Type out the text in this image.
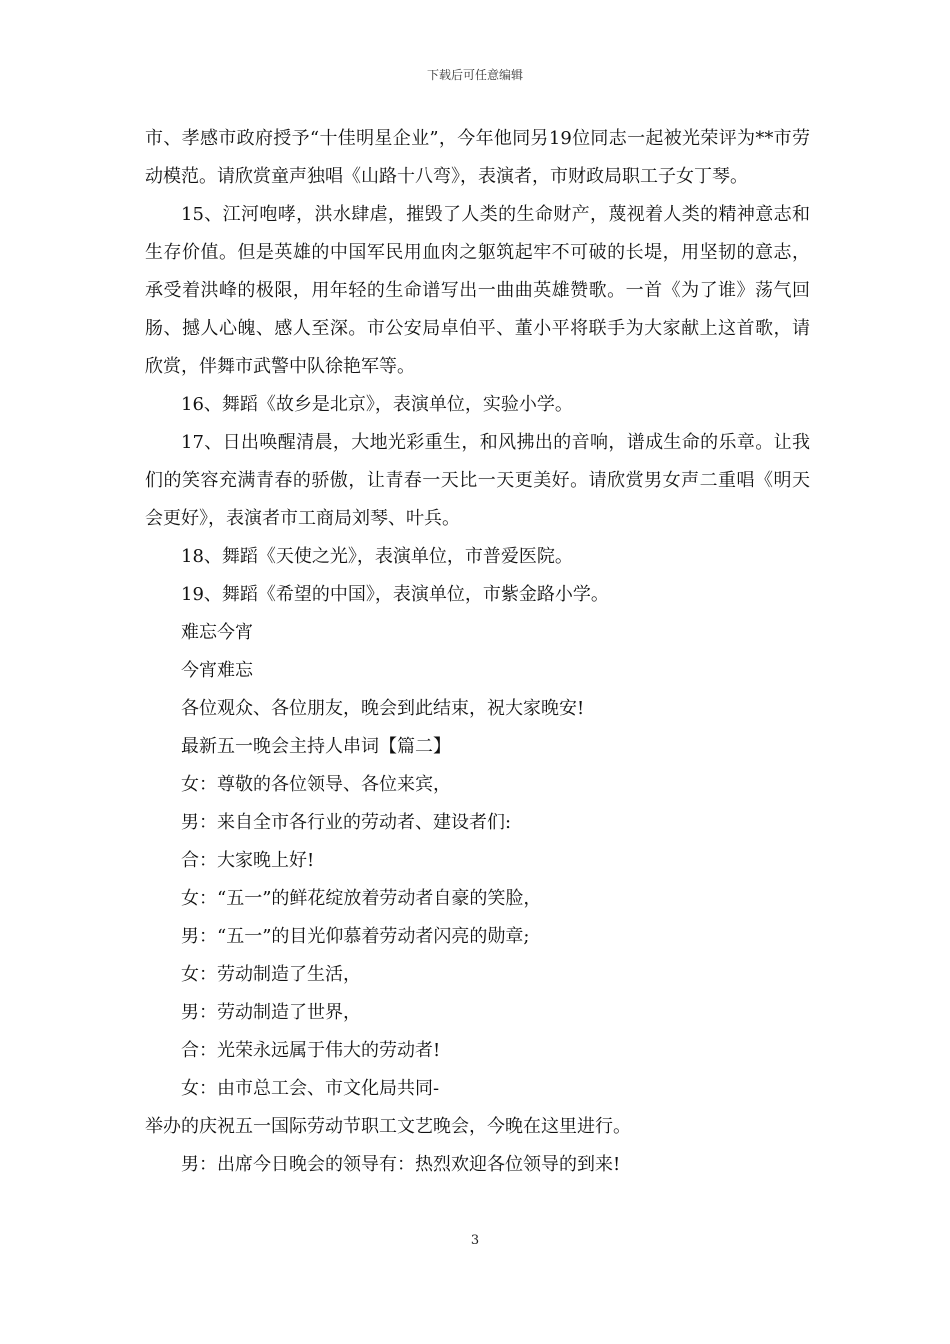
下载后可任意编辑

市、孝感市政府授予“十佳明星企业”，今年他同另19位同志一起被光荣评为**市劳动模范。请欣赏童声独唱《山路十八弯》，表演者，市财政局职工子女丁琴。

15、江河咆哮，洪水肆虐，摧毁了人类的生命财产，蔑视着人类的精神意志和生存价值。但是英雄的中国军民用血肉之躯筑起牢不可破的长堤，用坚韧的意志，承受着洪峰的极限，用年轻的生命谱写出一曲曲英雄赞歌。一首《为了谁》荡气回肠、撼人心魄、感人至深。市公安局卓伯平、董小平将联手为大家献上这首歌，请欣赏，伴舞市武警中队徐艳军等。

16、舞蹈《故乡是北京》，表演单位，实验小学。

17、日出唤醒清晨，大地光彩重生，和风拂出的音响，谱成生命的乐章。让我们的笑容充满青春的骄傲，让青春一天比一天更美好。请欣赏男女声二重唱《明天会更好》，表演者市工商局刘琴、叶兵。

18、舞蹈《天使之光》，表演单位，市普爱医院。

19、舞蹈《希望的中国》，表演单位，市紫金路小学。

难忘今宵

今宵难忘

各位观众、各位朋友，晚会到此结束，祝大家晚安!

最新五一晚会主持人串词【篇二】

女：尊敬的各位领导、各位来宾，

男：来自全市各行业的劳动者、建设者们:

合：大家晚上好!

女：“五一”的鲜花绽放着劳动者自豪的笑脸，

男：“五一”的目光仰慕着劳动者闪亮的勋章;

女：劳动制造了生活，

男：劳动制造了世界，

合：光荣永远属于伟大的劳动者!

女：由市总工会、市文化局共同-

举办的庆祝五一国际劳动节职工文艺晚会，今晚在这里进行。

男：出席今日晚会的领导有：热烈欢迎各位领导的到来!

3
